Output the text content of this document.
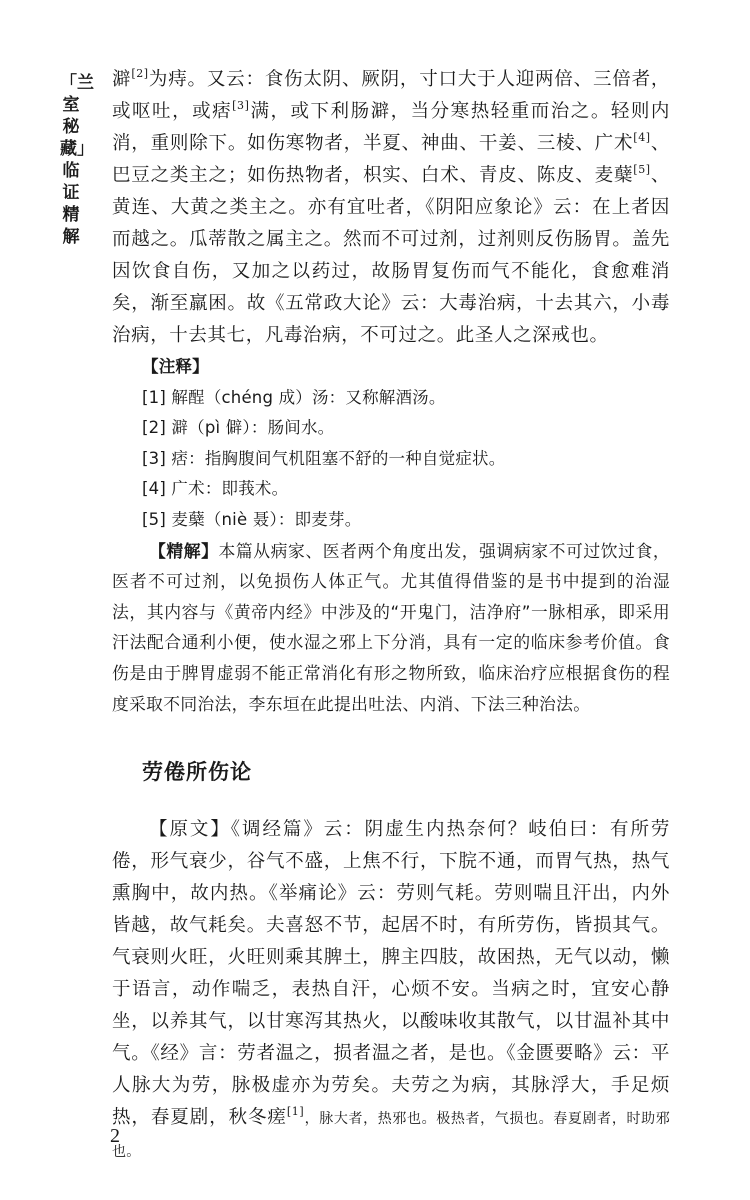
「兰室秘藏」临证精解

澼[2]为痔。又云：食伤太阴、厥阴，寸口大于人迎两倍、三倍者，或呕吐，或痞[3]满，或下利肠澼，当分寒热轻重而治之。轻则内消，重则除下。如伤寒物者，半夏、神曲、干姜、三棱、广术[4]、巴豆之类主之；如伤热物者，枳实、白术、青皮、陈皮、麦蘖[5]、黄连、大黄之类主之。亦有宜吐者，《阴阳应象论》云：在上者因而越之。瓜蒂散之属主之。然而不可过剂，过剂则反伤肠胃。盖先因饮食自伤，又加之以药过，故肠胃复伤而气不能化，食愈难消矣，渐至羸困。故《五常政大论》云：大毒治病，十去其六，小毒治病，十去其七，凡毒治病，不可过之。此圣人之深戒也。

【注释】

[1] 解酲（chéng 成）汤：又称解酒汤。

[2] 澼（pì 僻）：肠间水。

[3] 痞：指胸腹间气机阻塞不舒的一种自觉症状。

[4] 广术：即莪术。

[5] 麦蘖（niè 聂）：即麦芽。

【精解】本篇从病家、医者两个角度出发，强调病家不可过饮过食，医者不可过剂，以免损伤人体正气。尤其值得借鉴的是书中提到的治湿法，其内容与《黄帝内经》中涉及的“开鬼门，洁净府”一脉相承，即采用汗法配合通利小便，使水湿之邪上下分消，具有一定的临床参考价值。食伤是由于脾胃虚弱不能正常消化有形之物所致，临床治疗应根据食伤的程度采取不同治法，李东垣在此提出吐法、内消、下法三种治法。

劳倦所伤论

【原文】《调经篇》云：阴虚生内热奈何？岐伯曰：有所劳倦，形气衰少，谷气不盛，上焦不行，下脘不通，而胃气热，热气熏胸中，故内热。《举痛论》云：劳则气耗。劳则喘且汗出，内外皆越，故气耗矣。夫喜怒不节，起居不时，有所劳伤，皆损其气。气衰则火旺，火旺则乘其脾土，脾主四肢，故困热，无气以动，懒于语言，动作喘乏，表热自汗，心烦不安。当病之时，宜安心静坐，以养其气，以甘寒泻其热火，以酸味收其散气，以甘温补其中气。《经》言：劳者温之，损者温之者，是也。《金匮要略》云：平人脉大为劳，脉极虚亦为劳矣。夫劳之为病，其脉浮大，手足烦热，春夏剧，秋冬瘥[1]，脉大者，热邪也。极热者，气损也。春夏剧者，时助邪也。

2
